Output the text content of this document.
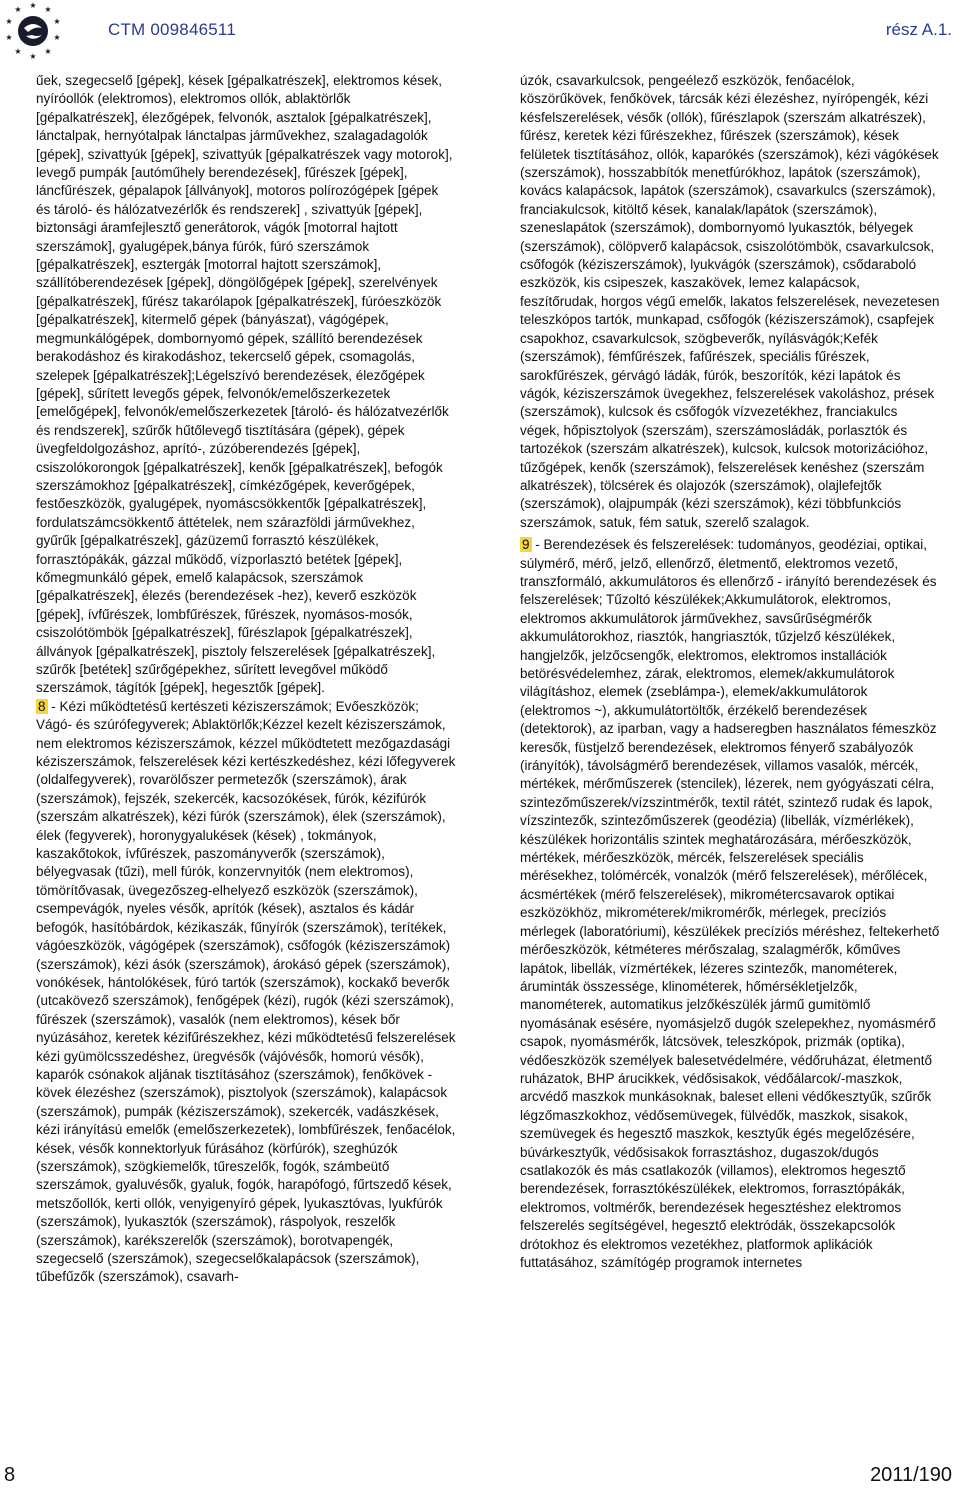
★ ★
★
★
★
★
★
★
★
★
CTM 009846511	rész A.1.

űek, szegecselő [gépek], kések [gépalkatrészek], elektromos kések, nyíróollók (elektromos), elektromos ollók, ablaktörlők [gépalkatrészek], élezőgépek, felvonók, asztalok [gépalkatrészek], lánctalpak, hernyótalpak lánctalpas járművekhez, szalagadagolók [gépek], szivattyúk [gépek], szivattyúk [gépalkatrészek vagy motorok], levegő pumpák [autóműhely berendezések], fűrészek [gépek], láncfűrészek, gépalapok [állványok], motoros polírozógépek [gépek és tároló- és hálózatvezérlők és rendszerek] , szivattyúk [gépek], biztonsági áramfejlesztő generátorok, vágók [motorral hajtott szerszámok], gyalugépek,bánya fúrók, fúró szerszámok [gépalkatrészek], esztergák [motorral hajtott szerszámok], szállítóberendezések [gépek], döngölőgépek [gépek], szerelvények [gépalkatrészek], fűrész takarólapok [gépalkatrészek], fúróeszközök [gépalkatrészek], kitermelő gépek (bányászat), vágógépek, megmunkálógépek, dombornyomó gépek, szállító berendezések berakodáshoz és kirakodáshoz, tekercselő gépek, csomagolás, szelepek [gépalkatrészek];Légelszívó berendezések, élezőgépek [gépek], sűrített levegős gépek, felvonók/emelőszerkezetek [emelőgépek], felvonók/emelőszerkezetek [tároló- és hálózatvezérlők és rendszerek], szűrők hűtőlevegő tisztítására (gépek), gépek üvegfeldolgozáshoz, aprító-, zúzóberendezés [gépek], csiszolókorongok [gépalkatrészek], kenők [gépalkatrészek], befogók szerszámokhoz [gépalkatrészek], címkézőgépek, keverőgépek, festőeszközök, gyalugépek, nyomáscsökkentők [gépalkatrészek], fordulatszámcsökkentő áttételek, nem szárazföldi járművekhez, gyűrűk [gépalkatrészek], gázüzemű forrasztó készülékek, forrasztópákák, gázzal működő, vízporlasztó betétek [gépek], kőmegmunkáló gépek, emelő kalapácsok, szerszámok [gépalkatrészek], élezés (berendezések -hez), keverő eszközök [gépek], ívfűrészek, lombfűrészek, fűrészek, nyomásos-mosók, csiszolótömbök [gépalkatrészek], fűrészlapok [gépalkatrészek], állványok [gépalkatrészek], pisztoly felszerelések [gépalkatrészek], szűrők [betétek] szűrőgépekhez, sűrített levegővel működő szerszámok, tágítók [gépek], hegesztők [gépek].

8 - Kézi működtetésű kertészeti kéziszerszámok; Evőeszközök; Vágó- és szúrófegyverek; Ablaktörlők;Kézzel kezelt kéziszerszámok, nem elektromos kéziszerszámok, kézzel működtetett mezőgazdasági kéziszerszámok, felszerelések kézi kertészkedéshez, kézi lőfegyverek (oldalfegyverek), rovarölőszer permetezők (szerszámok), árak (szerszámok), fejszék, szekercék, kacsozókések, fúrók, kézifúrók (szerszám alkatrészek), kézi fúrók (szerszámok), élek (szerszámok), élek (fegyverek), horonygyalukések (kések) , tokmányok, kaszakőtokok, ívfűrészek, paszományverők (szerszámok), bélyegvasak (tűzi), mell fúrók, konzervnyitók (nem elektromos), tömörítővasak, üvegezőszeg-elhelyező eszközök (szerszámok), csempevágók, nyeles vésők, aprítók (kések), asztalos és kádár befogók, hasítóbárdok, kézikaszák, fűnyírók (szerszámok), terítékek, vágóeszközök, vágógépek (szerszámok), csőfogók (kéziszerszámok) (szerszámok), kézi ásók (szerszámok), árokásó gépek (szerszámok), vonókések, hántolókések, fúró tartók (szerszámok), kockakő beverők (utcakövező szerszámok), fenőgépek (kézi), rugók (kézi szerszámok), fűrészek (szerszámok), vasalók (nem elektromos), kések bőr nyúzásához, keretek kézifűrészekhez, kézi működtetésű felszerelések kézi gyümölcsszedéshez, üregvésők (vájóvésők, homorú vésők), kaparók csónakok aljának tisztításához (szerszámok), fenőkövek - kövek élezéshez (szerszámok), pisztolyok (szerszámok), kalapácsok (szerszámok), pumpák (kéziszerszámok), szekercék, vadászkések, kézi irányítású emelők (emelőszerkezetek), lombfűrészek, fenőacélok, kések, vésők konnektorlyuk fúrásához (körfúrók), szeghúzók (szerszámok), szögkiemelők, tűreszelők, fogók, számbeütő szerszámok, gyaluvésők, gyaluk, fogók, harapófogó, fűrtszedő kések, metszőollók, kerti ollók, venyigenyíró gépek, lyukasztóvas, lyukfúrók (szerszámok), lyukasztók (szerszámok), ráspolyok, reszelők (szerszámok), karékszerelők (szerszámok), borotvapengék, szegecselő (szerszámok), szegecselőkalapácsok (szerszámok), tűbefűzők (szerszámok), csavarh-

úzók, csavarkulcsok, pengeélező eszközök, fenőacélok, köszörűkövek, fenőkövek, tárcsák kézi élezéshez, nyírópengék, kézi késfelszerelések, vésők (ollók), fűrészlapok (szerszám alkatrészek), fűrész, keretek kézi fűrészekhez, fűrészek (szerszámok), kések felületek tisztításához, ollók, kaparókés (szerszámok), kézi vágókések (szerszámok), hosszabbítók menetfúrókhoz, lapátok (szerszámok), kovács kalapácsok, lapátok (szerszámok), csavarkulcs (szerszámok), franciakulcsok, kitöltő kések, kanalak/lapátok (szerszámok), szeneslapátok (szerszámok), dombornyomó lyukasztók, bélyegek (szerszámok), cölöpverő kalapácsok, csiszolótömbök, csavarkulcsok, csőfogók (kéziszerszámok), lyukvágók (szerszámok), csődaraboló eszközök, kis csipeszek, kaszakövek, lemez kalapácsok, feszítőrudak, horgos végű emelők, lakatos felszerelések, nevezetesen teleszkópos tartók, munkapad, csőfogók (kéziszerszámok), csapfejek csapokhoz, csavarkulcsok, szögbeverők, nyílásvágók;Kefék (szerszámok), fémfűrészek, fafűrészek, speciális fűrészek, sarokfűrészek, gérvágó ládák, fúrók, beszorítók, kézi lapátok és vágók, kéziszerszámok üvegekhez, felszerelések vakoláshoz, prések (szerszámok), kulcsok és csőfogók vízvezetékhez, franciakulcs végek, hőpisztolyok (szerszám), szerszámosládák, porlasztók és tartozékok (szerszám alkatrészek), kulcsok, kulcsok motorizációhoz, tűzőgépek, kenők (szerszámok), felszerelések kenéshez (szerszám alkatrészek), tölcsérek és olajozók (szerszámok), olajlefejtők (szerszámok), olajpumpák (kézi szerszámok), kézi többfunkciós szerszámok, satuk, fém satuk, szerelő szalagok.

9 - Berendezések és felszerelések: tudományos, geodéziai, optikai, súlymérő, mérő, jelző, ellenőrző, életmentő, elektromos vezető, transzformáló, akkumulátoros és ellenőrző - irányító berendezések és felszerelések; Tűzoltó készülékek;Akkumulátorok, elektromos, elektromos akkumulátorok járművekhez, savsűrűségmérők akkumulátorokhoz, riasztók, hangriasztók, tűzjelző készülékek, hangjelzők, jelzőcsengők, elektromos, elektromos installációk betörésvédelemhez, zárak, elektromos, elemek/akkumulátorok világításhoz, elemek (zseblámpa-), elemek/akkumulátorok (elektromos ~), akkumulátortöltők, érzékelő berendezések (detektorok), az iparban, vagy a hadseregben használatos fémeszköz keresők, füstjelző berendezések, elektromos fényerő szabályozók (irányítók), távolságmérő berendezések, villamos vasalók, mércék, mértékek, mérőműszerek (stencilek), lézerek, nem gyógyászati célra, szintezőműszerek/vízszintmérők, textil rátét, szintező rudak és lapok, vízszintezők, szintezőműszerek (geodézia) (libellák, vízmérlékek), készülékek horizontális szintek meghatározására, mérőeszközök, mértékek, mérőeszközök, mércék, felszerelések speciális mérésekhez, tolómércék, vonalzók (mérő felszerelések), mérőlécek, ácsmértékek (mérő felszerelések), mikrométercsavarok optikai eszközökhöz, mikrométerek/mikromérők, mérlegek, precíziós mérlegek (laboratóriumi), készülékek precíziós méréshez, feltekerhető mérőeszközök, kétméteres mérőszalag, szalagmérők, kőműves lapátok, libellák, vízmértékek, lézeres szintezők, manométerek, áruminták összessége, klinométerek, hőmérsékletjelzők, manométerek, automatikus jelzőkészülék jármű gumitömlő nyomásának esésére, nyomásjelző dugók szelepekhez, nyomásmérő csapok, nyomásmérők, látcsövek, teleszkópok, prizmák (optika), védőeszközök személyek balesetvédelmére, védőruházat, életmentő ruházatok, BHP árucikkek, védősisakok, védőálarcok/-maszkok, arcvédő maszkok munkásoknak, baleset elleni védőkesztyűk, szűrők légzőmaszkokhoz, védősemüvegek, fülvédők, maszkok, sisakok, szemüvegek és hegesztő maszkok, kesztyűk égés megelőzésére, búvárkesztyűk, védősisakok forrasztáshoz, dugaszok/dugós csatlakozók és más csatlakozók (villamos), elektromos hegesztő berendezések, forrasztókészülékek, elektromos, forrasztópákák, elektromos, voltmérők, berendezések hegesztéshez elektromos felszerelés segítségével, hegesztő elektródák, összekapcsolók drótokhoz és elektromos vezetékhez, platformok aplikációk futtatásához, számítógép programok internetes

8	2011/190
